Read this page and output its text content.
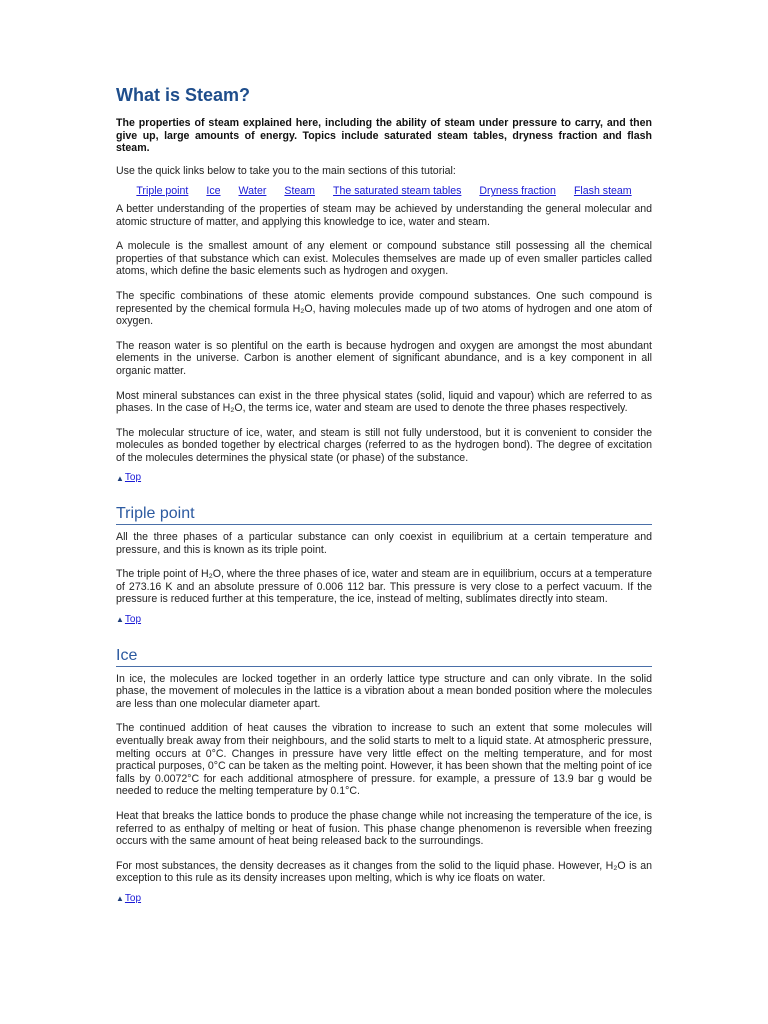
What is Steam?

The properties of steam explained here, including the ability of steam under pressure to carry, and then give up, large amounts of energy. Topics include saturated steam tables, dryness fraction and flash steam.

Use the quick links below to take you to the main sections of this tutorial:

Triple point Ice Water Steam The saturated steam tables Dryness fraction Flash steam

A better understanding of the properties of steam may be achieved by understanding the general molecular and atomic structure of matter, and applying this knowledge to ice, water and steam.

A molecule is the smallest amount of any element or compound substance still possessing all the chemical properties of that substance which can exist. Molecules themselves are made up of even smaller particles called atoms, which define the basic elements such as hydrogen and oxygen.

The specific combinations of these atomic elements provide compound substances. One such compound is represented by the chemical formula H₂O, having molecules made up of two atoms of hydrogen and one atom of oxygen.

The reason water is so plentiful on the earth is because hydrogen and oxygen are amongst the most abundant elements in the universe. Carbon is another element of significant abundance, and is a key component in all organic matter.

Most mineral substances can exist in the three physical states (solid, liquid and vapour) which are referred to as phases. In the case of H₂O, the terms ice, water and steam are used to denote the three phases respectively.

The molecular structure of ice, water, and steam is still not fully understood, but it is convenient to consider the molecules as bonded together by electrical charges (referred to as the hydrogen bond). The degree of excitation of the molecules determines the physical state (or phase) of the substance.

▲ Top
Triple point

All the three phases of a particular substance can only coexist in equilibrium at a certain temperature and pressure, and this is known as its triple point.

The triple point of H₂O, where the three phases of ice, water and steam are in equilibrium, occurs at a temperature of 273.16 K and an absolute pressure of 0.006 112 bar. This pressure is very close to a perfect vacuum. If the pressure is reduced further at this temperature, the ice, instead of melting, sublimates directly into steam.

▲ Top
Ice

In ice, the molecules are locked together in an orderly lattice type structure and can only vibrate. In the solid phase, the movement of molecules in the lattice is a vibration about a mean bonded position where the molecules are less than one molecular diameter apart.

The continued addition of heat causes the vibration to increase to such an extent that some molecules will eventually break away from their neighbours, and the solid starts to melt to a liquid state. At atmospheric pressure, melting occurs at 0°C. Changes in pressure have very little effect on the melting temperature, and for most practical purposes, 0°C can be taken as the melting point. However, it has been shown that the melting point of ice falls by 0.0072°C for each additional atmosphere of pressure. for example, a pressure of 13.9 bar g would be needed to reduce the melting temperature by 0.1°C.

Heat that breaks the lattice bonds to produce the phase change while not increasing the temperature of the ice, is referred to as enthalpy of melting or heat of fusion. This phase change phenomenon is reversible when freezing occurs with the same amount of heat being released back to the surroundings.

For most substances, the density decreases as it changes from the solid to the liquid phase. However, H₂O is an exception to this rule as its density increases upon melting, which is why ice floats on water.

▲ Top
